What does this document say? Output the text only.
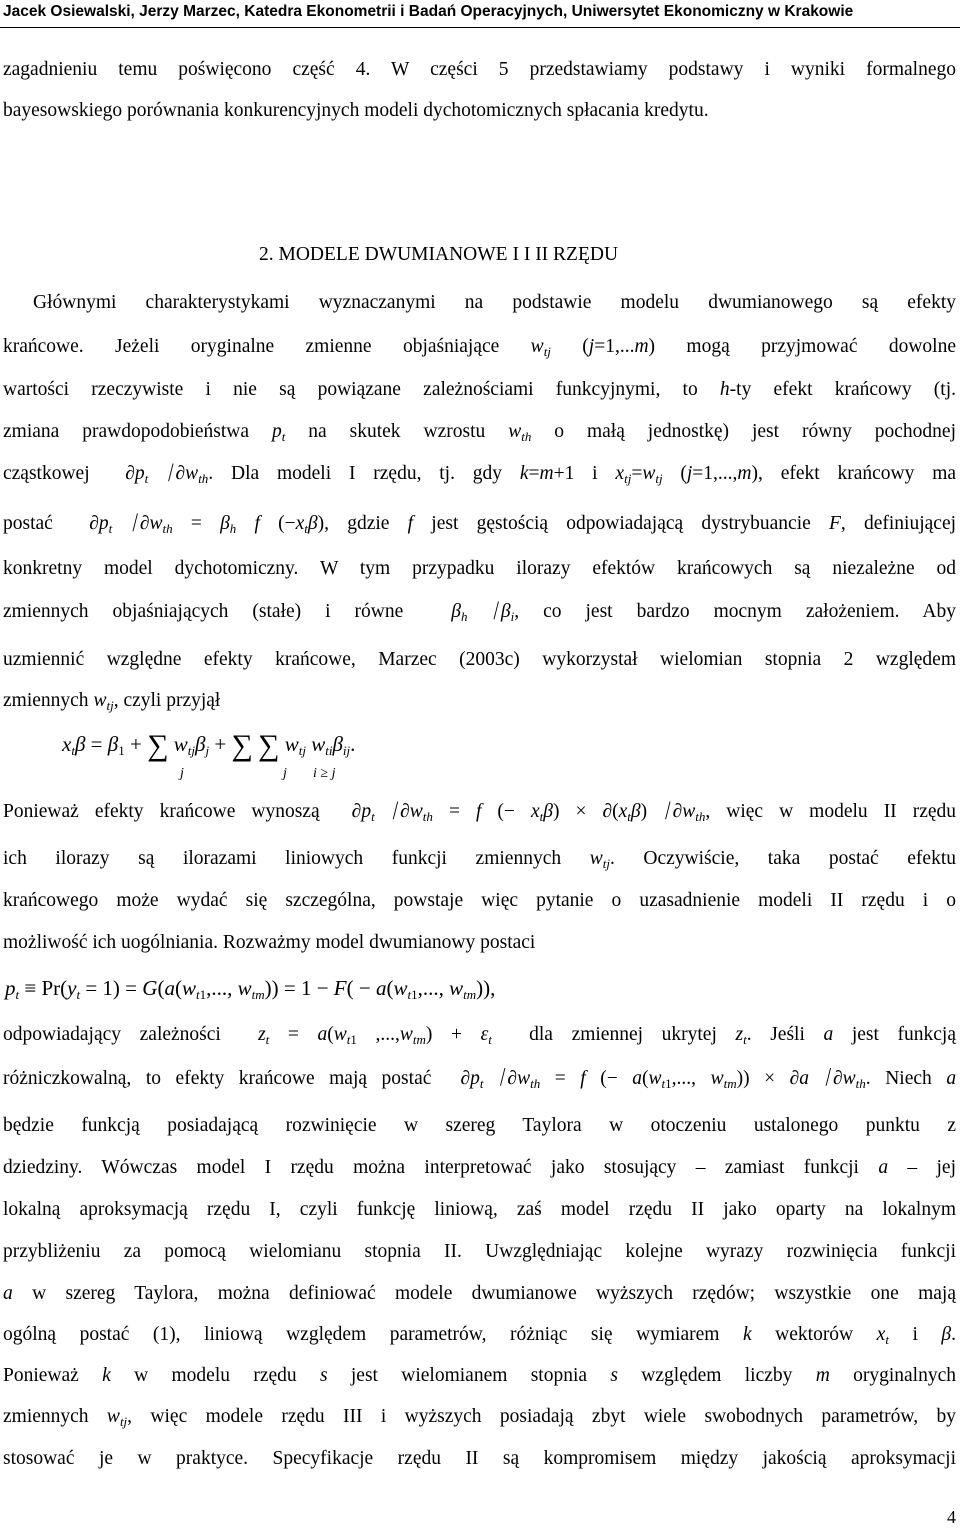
Jacek Osiewalski, Jerzy Marzec, Katedra Ekonometrii i Badań Operacyjnych, Uniwersytet Ekonomiczny w Krakowie
zagadnieniu temu poświęcono część 4. W części 5 przedstawiamy podstawy i wyniki formalnego
bayesowskiego porównania konkurencyjnych modeli dychotomicznych spłacania kredytu.
2. MODELE DWUMIANOWE I I II RZĘDU
Głównymi charakterystykami wyznaczanymi na podstawie modelu dwumianowego są efekty
krańcowe. Jeżeli oryginalne zmienne objaśniające $w_{tj}$ (j=1,...m) mogą przyjmować dowolne
wartości rzeczywiste i nie są powiązane zależnościami funkcyjnymi, to h-ty efekt krańcowy (tj.
zmiana prawdopodobieństwa $p_t$ na skutek wzrostu $w_{th}$ o małą jednostkę) jest równy pochodnej
cząstkowej  $\partial p_t / \partial w_{th}$. Dla modeli I rzędu, tj. gdy k=m+1 i $x_{tj}=w_{tj}$ (j=1,...,m), efekt krańcowy ma
postać  $\partial p_t / \partial w_{th} = \beta_h$ f $(-x_t\beta)$, gdzie f jest gęstością odpowiadającą dystrybuancie F, definiującej
konkretny model dychotomiczny. W tym przypadku ilorazy efektów krańcowych są niezależne od
zmiennych objaśniających (stałe) i równe  $\beta_h / \beta_i$, co jest bardzo mocnym założeniem. Aby
uzmiennić względne efekty krańcowe, Marzec (2003c) wykorzystał wielomian stopnia 2 względem
zmiennych $w_{tj}$, czyli przyjął
$x_t\beta = \beta_1$ + ∑ $w_{tj}\beta_j$ + ∑ ∑ $w_{tj}$ $w_{ti}\beta_{ij}$.
j	j i ≥ j
Ponieważ efekty krańcowe wynoszą  $\partial p_t / \partial w_{th} = f$ (− $x_t\beta) \times \partial(x_t\beta) / \partial w_{th}$, więc w modelu II rzędu
ich ilorazy są ilorazami liniowych funkcji zmiennych $w_{tj}$. Oczywiście, taka postać efektu
krańcowego może wydać się szczególna, powstaje więc pytanie o uzasadnienie modeli II rzędu i o
możliwość ich uogólniania. Rozważmy model dwumianowy postaci
$p_t \equiv Pr(y_t = 1) = G(a(w_{t1}$,..., $w_{tm})) = 1 - F( - a(w_{t1}$,..., $w_{tm}$)),
odpowiadający zależności  $z_t = a(w_{t1}$ $,...,w_{tm}) + \varepsilon_t$  dla zmiennej ukrytej $z_t$. Jeśli a jest funkcją
różniczkowalną, to efekty krańcowe mają postać  $\partial p_t / \partial w_{th} = f$ (− $a(w_{t1}$,..., $w_{tm})) \times \partial a / \partial w_{th}$. Niech a
będzie funkcją posiadającą rozwinięcie w szereg Taylora w otoczeniu ustalonego punktu z
dziedziny. Wówczas model I rzędu można interpretować jako stosujący – zamiast funkcji a – jej
lokalną aproksymacją rzędu I, czyli funkcję liniową, zaś model rzędu II jako oparty na lokalnym
przybliżeniu za pomocą wielomianu stopnia II. Uwzględniając kolejne wyrazy rozwinięcia funkcji
a w szereg Taylora, można definiować modele dwumianowe wyższych rzędów; wszystkie one mają
ogólną postać (1), liniową względem parametrów, różniąc się wymiarem k wektorów $x_t$ i β.
Ponieważ k w modelu rzędu s jest wielomianem stopnia s względem liczby m oryginalnych
zmiennych $w_{tj}$, więc modele rzędu III i wyższych posiadają zbyt wiele swobodnych parametrów, by
stosować je w praktyce. Specyfikacje rzędu II są kompromisem między jakością aproksymacji
4
